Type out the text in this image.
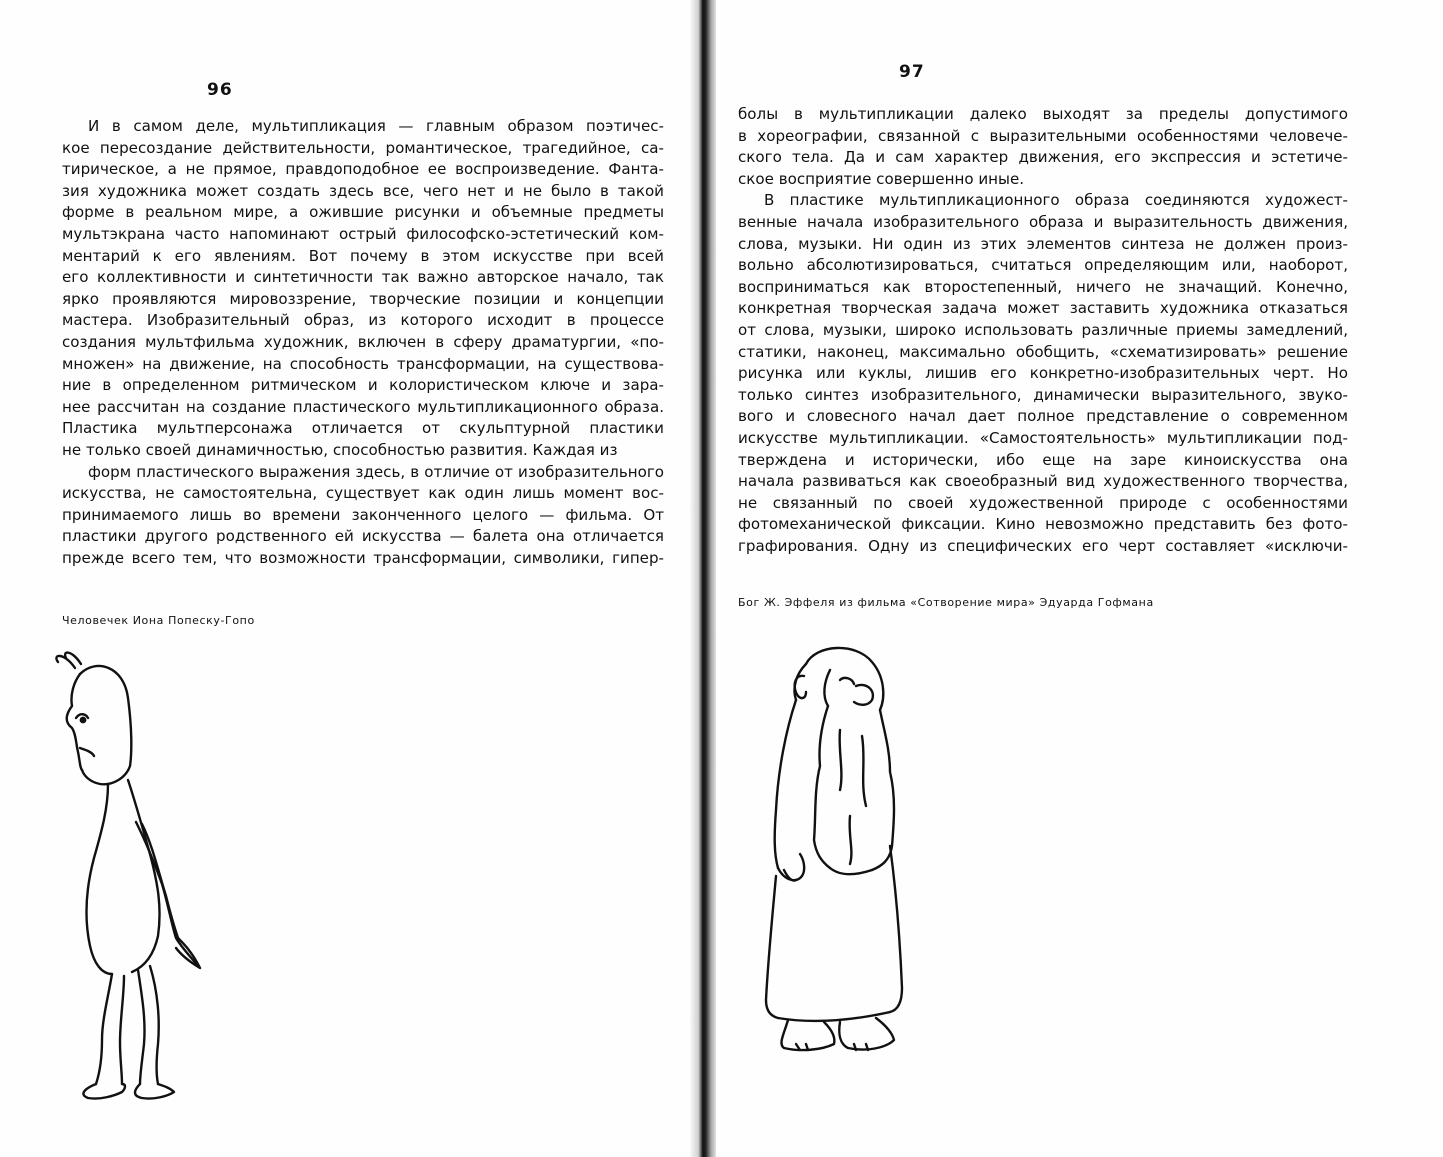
96
И в самом деле, мультипликация — главным образом поэтичес-
кое пересоздание действительности, романтическое, трагедийное, са-
тирическое, а не прямое, правдоподобное ее воспроизведение. Фанта-
зия художника может создать здесь все, чего нет и не было в такой
форме в реальном мире, а ожившие рисунки и объемные предметы
мультэкрана часто напоминают острый философско-эстетический ком-
ментарий к его явлениям. Вот почему в этом искусстве при всей
его коллективности и синтетичности так важно авторское начало, так
ярко проявляются мировоззрение, творческие позиции и концепции
мастера. Изобразительный образ, из которого исходит в процессе
создания мультфильма художник, включен в сферу драматургии, «по-
множен» на движение, на способность трансформации, на существова-
ние в определенном ритмическом и колористическом ключе и зара-
нее рассчитан на создание пластического мультипликационного образа.
Пластика мультперсонажа отличается от скульптурной пластики
не только своей динамичностью, способностью развития. Каждая из
форм пластического выражения здесь, в отличие от изобразительного
искусства, не самостоятельна, существует как один лишь момент вос-
принимаемого лишь во времени законченного целого — фильма. От
пластики другого родственного ей искусства — балета она отличается
прежде всего тем, что возможности трансформации, символики, гипер-
Человечек Иона Попеску-Гопо
97
болы в мультипликации далеко выходят за пределы допустимого
в хореографии, связанной с выразительными особенностями человече-
ского тела. Да и сам характер движения, его экспрессия и эстетиче-
ское восприятие совершенно иные.
В пластике мультипликационного образа соединяются художест-
венные начала изобразительного образа и выразительность движения,
слова, музыки. Ни один из этих элементов синтеза не должен произ-
вольно абсолютизироваться, считаться определяющим или, наоборот,
восприниматься как второстепенный, ничего не значащий. Конечно,
конкретная творческая задача может заставить художника отказаться
от слова, музыки, широко использовать различные приемы замедлений,
статики, наконец, максимально обобщить, «схематизировать» решение
рисунка или куклы, лишив его конкретно-изобразительных черт. Но
только синтез изобразительного, динамически выразительного, звуко-
вого и словесного начал дает полное представление о современном
искусстве мультипликации. «Самостоятельность» мультипликации под-
тверждена и исторически, ибо еще на заре киноискусства она
начала развиваться как своеобразный вид художественного творчества,
не связанный по своей художественной природе с особенностями
фотомеханической фиксации. Кино невозможно представить без фото-
графирования. Одну из специфических его черт составляет «исключи-
Бог Ж. Эффеля из фильма «Сотворение мира» Эдуарда Гофмана
